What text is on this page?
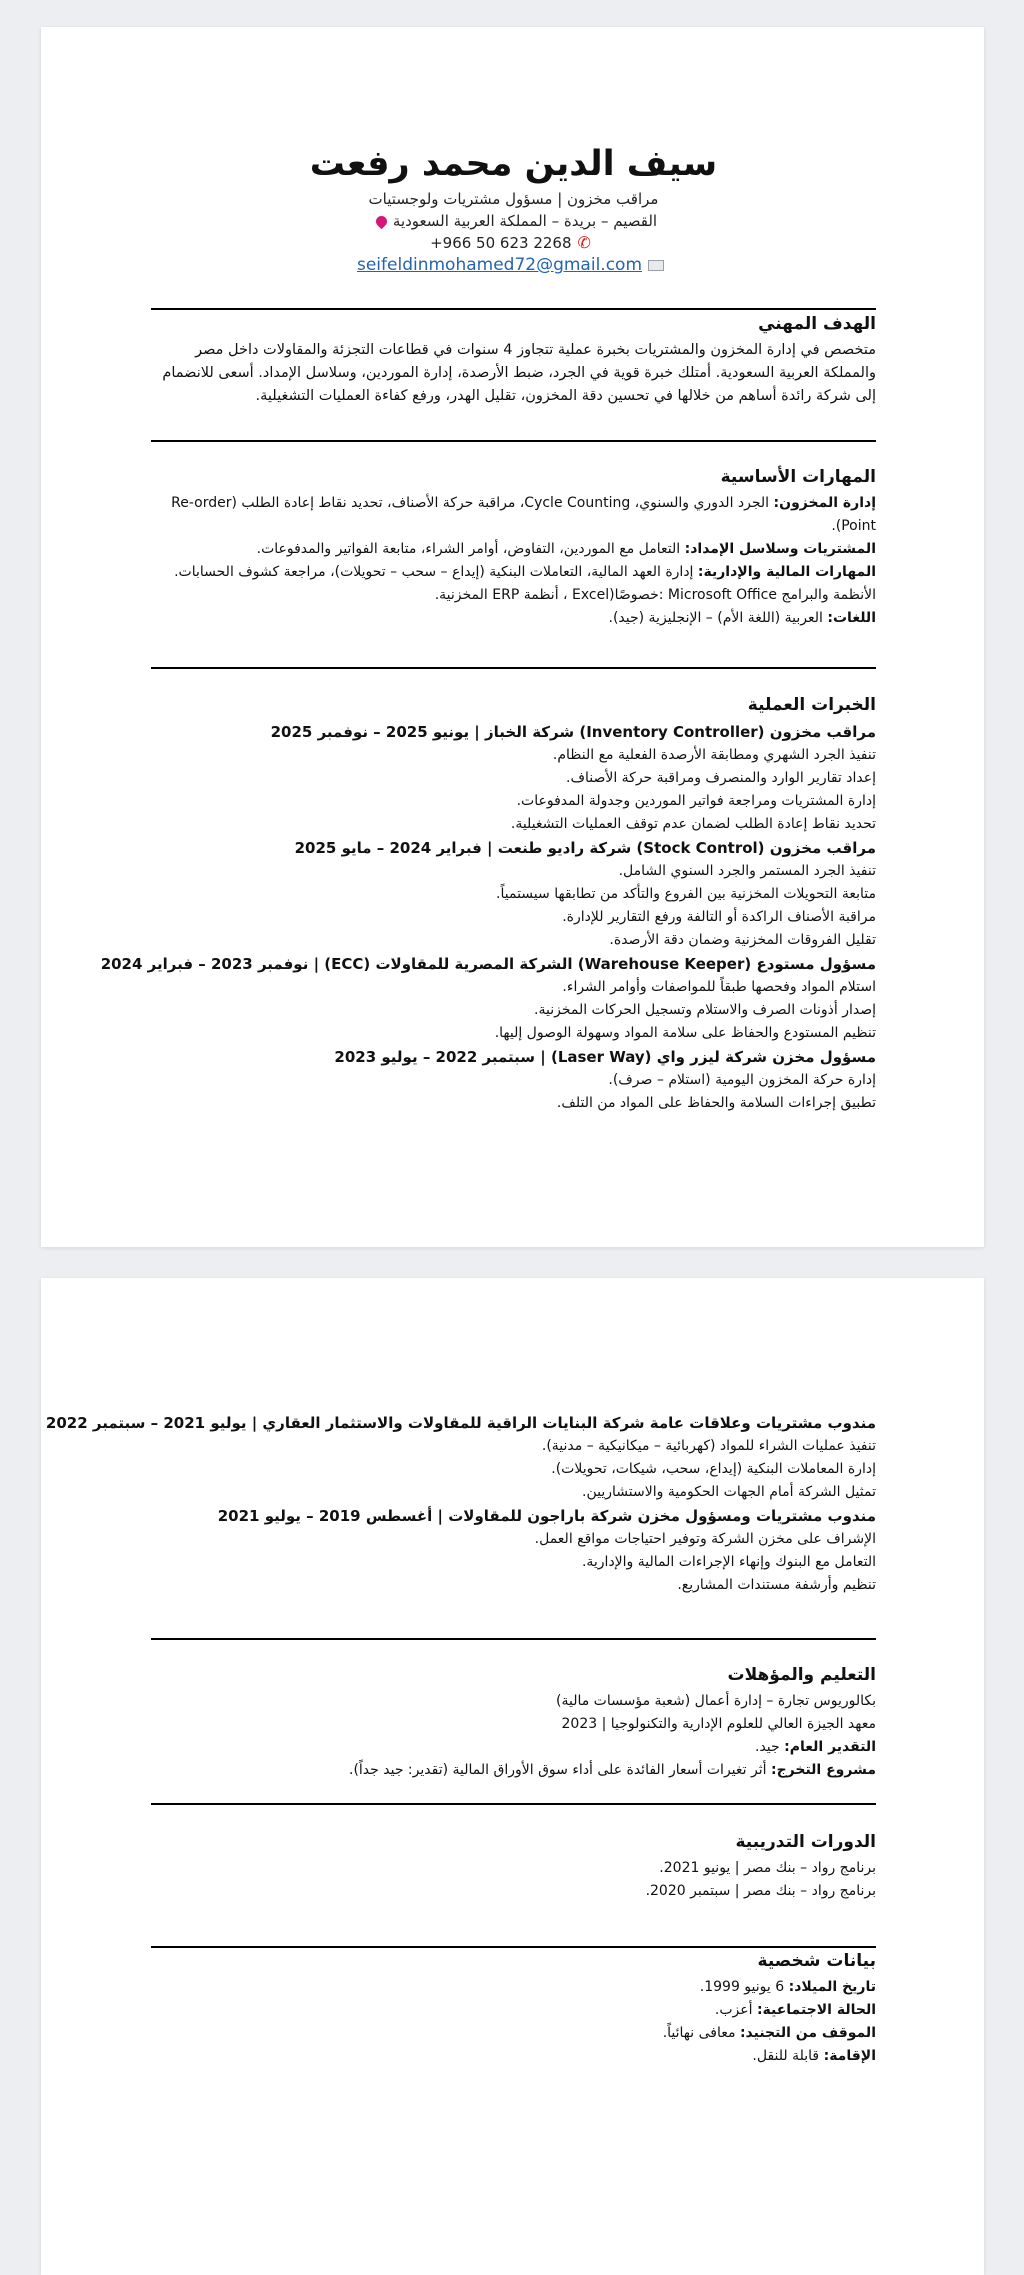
سيف الدين محمد رفعت
مراقب مخزون | مسؤول مشتريات ولوجستيات
القصيم – بريدة – المملكة العربية السعودية
✆+966 50 623 2268
seifeldinmohamed72@gmail.com
الهدف المهني

متخصص في إدارة المخزون والمشتريات بخبرة عملية تتجاوز 4 سنوات في قطاعات التجزئة والمقاولات داخل مصر والمملكة العربية السعودية. أمتلك خبرة قوية في الجرد، ضبط الأرصدة، إدارة الموردين، وسلاسل الإمداد. أسعى للانضمام إلى شركة رائدة أساهم من خلالها في تحسين دقة المخزون، تقليل الهدر، ورفع كفاءة العمليات التشغيلية.

المهارات الأساسية

إدارة المخزون: الجرد الدوري والسنوي، Cycle Counting، مراقبة حركة الأصناف، تحديد نقاط إعادة الطلب (Re-order Point).

المشتريات وسلاسل الإمداد: التعامل مع الموردين، التفاوض، أوامر الشراء، متابعة الفواتير والمدفوعات.

المهارات المالية والإدارية: إدارة العهد المالية، التعاملات البنكية (إيداع – سحب – تحويلات)، مراجعة كشوف الحسابات.

الأنظمة والبرامج Microsoft Office :خصوصًا(Excel ، أنظمة ERP المخزنية.

اللغات: العربية (اللغة الأم) – الإنجليزية (جيد).

الخبرات العملية

مراقب مخزون (Inventory Controller) شركة الخباز | يونيو 2025 – نوفمبر 2025

تنفيذ الجرد الشهري ومطابقة الأرصدة الفعلية مع النظام.

إعداد تقارير الوارد والمنصرف ومراقبة حركة الأصناف.

إدارة المشتريات ومراجعة فواتير الموردين وجدولة المدفوعات.

تحديد نقاط إعادة الطلب لضمان عدم توقف العمليات التشغيلية.

مراقب مخزون (Stock Control) شركة راديو طنعت | فبراير 2024 – مايو 2025

تنفيذ الجرد المستمر والجرد السنوي الشامل.

متابعة التحويلات المخزنية بين الفروع والتأكد من تطابقها سيستمياً.

مراقبة الأصناف الراكدة أو التالفة ورفع التقارير للإدارة.

تقليل الفروقات المخزنية وضمان دقة الأرصدة.

مسؤول مستودع (Warehouse Keeper) الشركة المصرية للمقاولات (ECC) | نوفمبر 2023 – فبراير 2024

استلام المواد وفحصها طبقاً للمواصفات وأوامر الشراء.

إصدار أذونات الصرف والاستلام وتسجيل الحركات المخزنية.

تنظيم المستودع والحفاظ على سلامة المواد وسهولة الوصول إليها.

مسؤول مخزن شركة ليزر واي (Laser Way) | سبتمبر 2022 – يوليو 2023

إدارة حركة المخزون اليومية (استلام – صرف).

تطبيق إجراءات السلامة والحفاظ على المواد من التلف.

مندوب مشتريات وعلاقات عامة شركة البنايات الراقية للمقاولات والاستثمار العقاري | يوليو 2021 – سبتمبر 2022

تنفيذ عمليات الشراء للمواد (كهربائية – ميكانيكية – مدنية).

إدارة المعاملات البنكية (إيداع، سحب، شيكات، تحويلات).

تمثيل الشركة أمام الجهات الحكومية والاستشاريين.

مندوب مشتريات ومسؤول مخزن شركة باراجون للمقاولات | أغسطس 2019 – يوليو 2021

الإشراف على مخزن الشركة وتوفير احتياجات مواقع العمل.

التعامل مع البنوك وإنهاء الإجراءات المالية والإدارية.

تنظيم وأرشفة مستندات المشاريع.

التعليم والمؤهلات

بكالوريوس تجارة – إدارة أعمال (شعبة مؤسسات مالية)

معهد الجيزة العالي للعلوم الإدارية والتكنولوجيا | 2023

التقدير العام: جيد.

مشروع التخرج: أثر تغيرات أسعار الفائدة على أداء سوق الأوراق المالية (تقدير: جيد جداً).

الدورات التدريبية

برنامج رواد – بنك مصر | يونيو 2021.

برنامج رواد – بنك مصر | سبتمبر 2020.

بيانات شخصية

تاريخ الميلاد: 6 يونيو 1999.

الحالة الاجتماعية: أعزب.

الموقف من التجنيد: معافى نهائياً.

الإقامة: قابلة للنقل.
